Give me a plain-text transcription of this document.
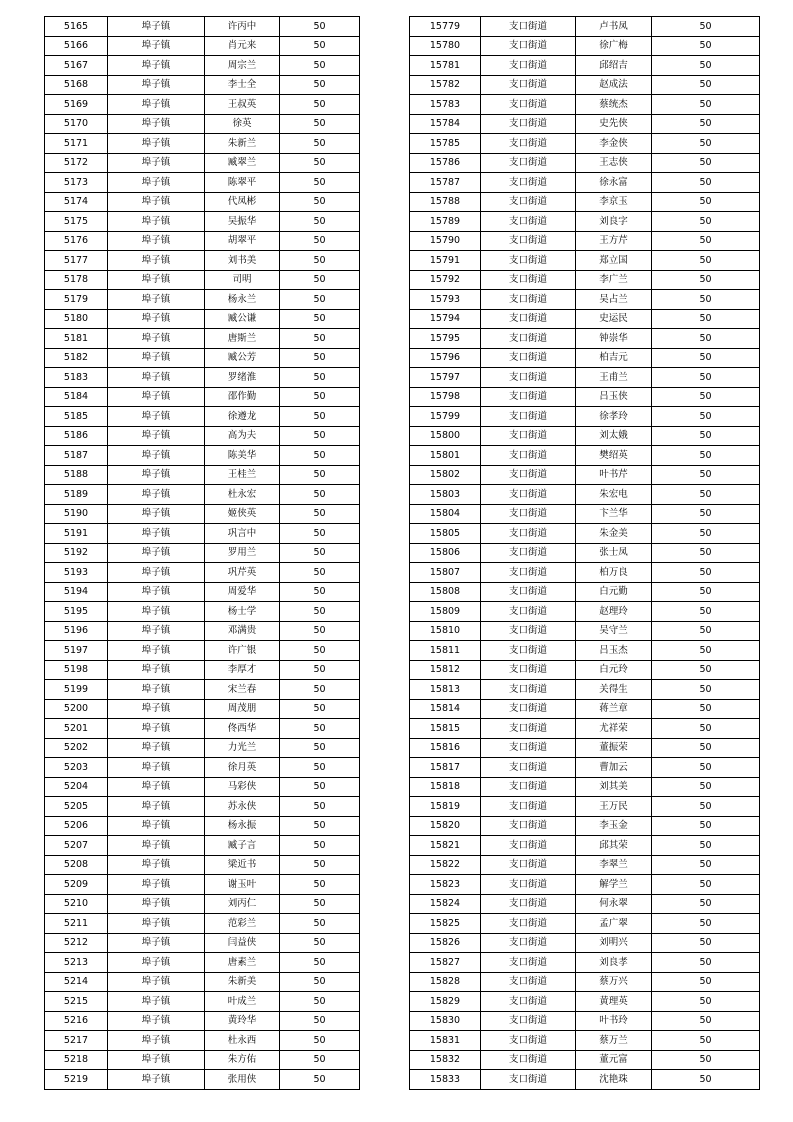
5165	埠子镇	许丙中	50
5166	埠子镇	肖元来	50
5167	埠子镇	周宗兰	50
5168	埠子镇	李士全	50
5169	埠子镇	王叔英	50
5170	埠子镇	徐英	50
5171	埠子镇	朱新兰	50
5172	埠子镇	臧翠兰	50
5173	埠子镇	陈翠平	50
5174	埠子镇	代凤彬	50
5175	埠子镇	吴振华	50
5176	埠子镇	胡翠平	50
5177	埠子镇	刘书美	50
5178	埠子镇	司明	50
5179	埠子镇	杨永兰	50
5180	埠子镇	臧公谦	50
5181	埠子镇	唐斯兰	50
5182	埠子镇	臧公芳	50
5183	埠子镇	罗绪淮	50
5184	埠子镇	邵作勤	50
5185	埠子镇	徐遵龙	50
5186	埠子镇	高为夫	50
5187	埠子镇	陈美华	50
5188	埠子镇	王桂兰	50
5189	埠子镇	杜永宏	50
5190	埠子镇	姬侠英	50
5191	埠子镇	巩言中	50
5192	埠子镇	罗用兰	50
5193	埠子镇	巩芹英	50
5194	埠子镇	周爱华	50
5195	埠子镇	杨士学	50
5196	埠子镇	邓满贵	50
5197	埠子镇	许广银	50
5198	埠子镇	李厚才	50
5199	埠子镇	宋兰春	50
5200	埠子镇	周茂朋	50
5201	埠子镇	佟西华	50
5202	埠子镇	力光兰	50
5203	埠子镇	徐月英	50
5204	埠子镇	马彩侠	50
5205	埠子镇	苏永侠	50
5206	埠子镇	杨永振	50
5207	埠子镇	臧子言	50
5208	埠子镇	梁近书	50
5209	埠子镇	谢玉叶	50
5210	埠子镇	刘丙仁	50
5211	埠子镇	范彩兰	50
5212	埠子镇	闫益侠	50
5213	埠子镇	唐素兰	50
5214	埠子镇	朱新美	50
5215	埠子镇	叶成兰	50
5216	埠子镇	黄玲华	50
5217	埠子镇	杜永西	50
5218	埠子镇	朱方佑	50
5219	埠子镇	张用侠	50
15779	支口街道	卢书凤	50
15780	支口街道	徐广梅	50
15781	支口街道	邱绍吉	50
15782	支口街道	赵成法	50
15783	支口街道	蔡统杰	50
15784	支口街道	史先侠	50
15785	支口街道	李金侠	50
15786	支口街道	王志侠	50
15787	支口街道	徐永富	50
15788	支口街道	李京玉	50
15789	支口街道	刘良字	50
15790	支口街道	王方芹	50
15791	支口街道	郑立国	50
15792	支口街道	李广兰	50
15793	支口街道	吴占兰	50
15794	支口街道	史运民	50
15795	支口街道	钟崇华	50
15796	支口街道	柏吉元	50
15797	支口街道	王甫兰	50
15798	支口街道	吕玉侠	50
15799	支口街道	徐孝玲	50
15800	支口街道	刘太娥	50
15801	支口街道	樊绍英	50
15802	支口街道	叶书芹	50
15803	支口街道	朱宏电	50
15804	支口街道	卞兰华	50
15805	支口街道	朱金美	50
15806	支口街道	张士凤	50
15807	支口街道	柏万良	50
15808	支口街道	白元勤	50
15809	支口街道	赵理玲	50
15810	支口街道	吴守兰	50
15811	支口街道	吕玉杰	50
15812	支口街道	白元玲	50
15813	支口街道	关得生	50
15814	支口街道	蒋兰章	50
15815	支口街道	尤祥荣	50
15816	支口街道	董振荣	50
15817	支口街道	曹加云	50
15818	支口街道	刘其美	50
15819	支口街道	王万民	50
15820	支口街道	李玉金	50
15821	支口街道	邱其荣	50
15822	支口街道	李翠兰	50
15823	支口街道	解学兰	50
15824	支口街道	何永翠	50
15825	支口街道	孟广翠	50
15826	支口街道	刘明兴	50
15827	支口街道	刘良孝	50
15828	支口街道	蔡万兴	50
15829	支口街道	黄理英	50
15830	支口街道	叶书玲	50
15831	支口街道	蔡万兰	50
15832	支口街道	董元富	50
15833	支口街道	沈艳珠	50
